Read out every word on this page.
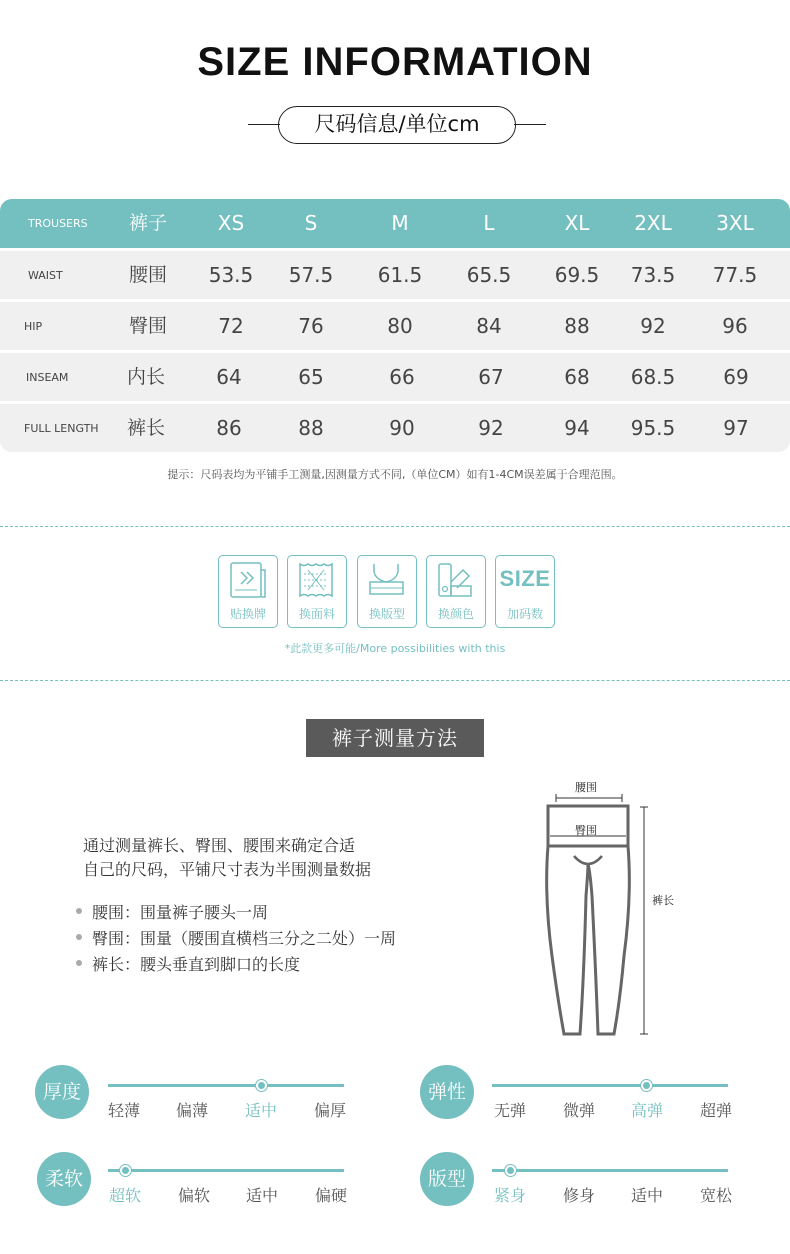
SIZE INFORMATION
尺码信息/单位cm
TROUSERS	裤子	XS	S	M	L	XL	2XL	3XL
WAIST	腰围	53.5	57.5	61.5	65.5	69.5	73.5	77.5
HIP	臀围	72	76	80	84	88	92	96
INSEAM	内长	64	65	66	67	68	68.5	69
FULL LENGTH	裤长	86	88	90	92	94	95.5	97
提示：尺码表均为平铺手工测量,因测量方式不同,（单位CM）如有1-4CM误差属于合理范围。
贴换牌	换面料	换版型	换颜色
SIZE
加码数
*此款更多可能/More possibilities with this
裤子测量方法
通过测量裤长、臀围、腰围来确定合适
自己的尺码，平铺尺寸表为半围测量数据
腰围：围量裤子腰头一周
臀围：围量（腰围直横档三分之二处）一周
裤长：腰头垂直到脚口的长度
腰围
臀围
裤长
厚度
轻薄 偏薄 适中 偏厚
弹性
无弹 微弹 高弹 超弹
柔软
超软 偏软 适中 偏硬
版型
紧身 修身 适中 宽松
